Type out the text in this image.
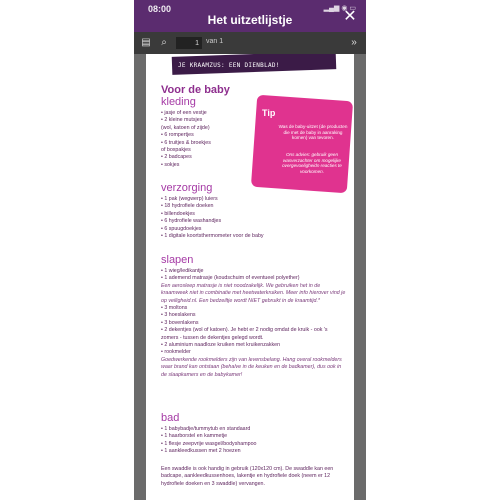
08:00	▂▄▆ ◉ ▭
Het uitzetlijstje	✕
▤	⌕
1	van 1	»
JE KRAAMZUS: EEN DIENBLAD!
Voor de baby
Tip
Was de baby-uitzet (de producten die met de baby in aanraking komen) van tevoren.
Ons advies: gebruik geen wasverzachter om mogelijke overgevoeligheids-reacties te voorkomen.
kleding
• jasje of een vestje
• 2 kleine mutsjes
(wol, katoen of zijde)
• 6 rompertjes
• 6 truitjes & broekjes
of boxpakjes
• 2 badcapes
• sokjes
verzorging
• 1 pak (wegwerp) luiers
• 18 hydrofiele doeken
• billendoekjes
• 6 hydrofiele washandjes
• 6 spuugdoekjes
• 1 digitale koortsthermometer voor de baby
slapen
• 1 wieg/ledikantje
• 1 ademend matrasje (koudschuim of eventueel polyether)
Een aerosleep matrasje is niet noodzakelijk. We gebruiken het in de kraamweek niet in combinatie met heetwaterkruiken. Meer info hierover vind je op veiligheid.nl. Een bedzeiltje wordt NIET gebruikt in de kraamtijd.*
• 3 moltons
• 3 hoeslakens
• 3 bovenlakens
• 2 dekentjes (wol of katoen). Je hebt er 2 nodig omdat de kruik - ook 's zomers - tussen de dekentjes gelegd wordt.
• 2 aluminium naadloze kruiken met kruikenzakken
• rookmelder
Goedwerkende rookmelders zijn van levensbelang. Hang overal rookmelders waar brand kan ontstaan (behalve in de keuken en de badkamer), dus ook in de slaapkamers en de babykamer!
bad
• 1 babybadje/tummytub en standaard
• 1 haarborstel en kammetje
• 1 flesje zeepvrije wasgel/bodyshampoo
• 1 aankleedkussen met 2 hoezen
Een swaddle is ook handig in gebruik (120x120 cm). De swaddle kan een badcape, aankleedkussenhoes, lakentje en hydrofiele doek (neem er 12 hydrofiele doeken en 3 swaddle) vervangen.
